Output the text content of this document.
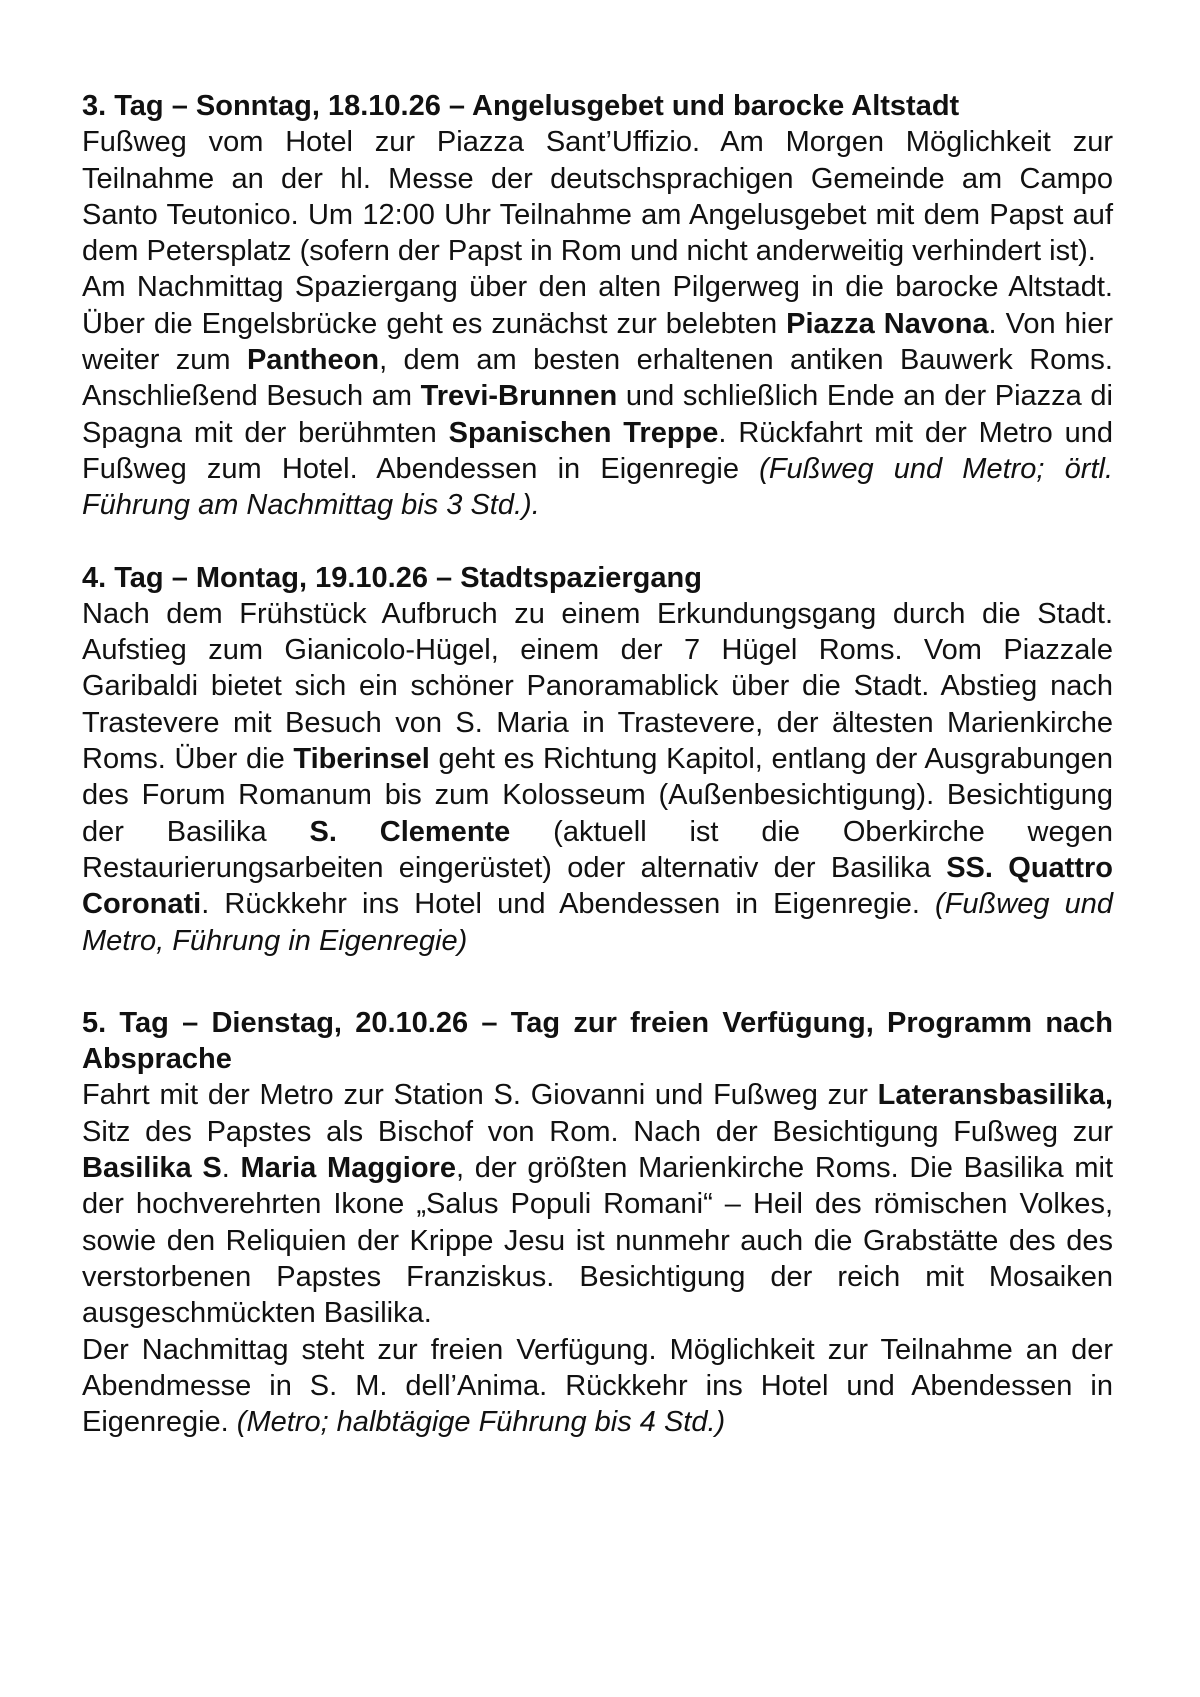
3. Tag – Sonntag, 18.10.26 – Angelusgebet und barocke Altstadt

Fußweg vom Hotel zur Piazza Sant’Uffizio. Am Morgen Möglichkeit zur Teilnahme an der hl. Messe der deutschsprachigen Gemeinde am Campo Santo Teutonico. Um 12:00 Uhr Teilnahme am Angelusgebet mit dem Papst auf dem Petersplatz (sofern der Papst in Rom und nicht anderweitig verhindert ist).

Am Nachmittag Spaziergang über den alten Pilgerweg in die barocke Altstadt. Über die Engelsbrücke geht es zunächst zur belebten Piazza Navona. Von hier weiter zum Pantheon, dem am besten erhaltenen antiken Bauwerk Roms. Anschließend Besuch am Trevi-Brunnen und schließlich Ende an der Piazza di Spagna mit der berühmten Spanischen Treppe. Rückfahrt mit der Metro und Fußweg zum Hotel. Abendessen in Eigenregie (Fußweg und Metro; örtl. Führung am Nachmittag bis 3 Std.).

4. Tag – Montag, 19.10.26 – Stadtspaziergang

Nach dem Frühstück Aufbruch zu einem Erkundungsgang durch die Stadt. Aufstieg zum Gianicolo-Hügel, einem der 7 Hügel Roms. Vom Piazzale Garibaldi bietet sich ein schöner Panoramablick über die Stadt. Abstieg nach Trastevere mit Besuch von S. Maria in Trastevere, der ältesten Marienkirche Roms. Über die Tiberinsel geht es Richtung Kapitol, entlang der Ausgrabungen des Forum Romanum bis zum Kolosseum (Außenbesichtigung). Besichtigung der Basilika S. Clemente (aktuell ist die Oberkirche wegen Restaurierungsarbeiten eingerüstet) oder alternativ der Basilika SS. Quattro Coronati. Rückkehr ins Hotel und Abendessen in Eigenregie. (Fußweg und Metro, Führung in Eigenregie)

5. Tag – Dienstag, 20.10.26 – Tag zur freien Verfügung, Programm nach Absprache

Fahrt mit der Metro zur Station S. Giovanni und Fußweg zur Lateransbasilika, Sitz des Papstes als Bischof von Rom. Nach der Besichtigung Fußweg zur Basilika S. Maria Maggiore, der größten Marienkirche Roms. Die Basilika mit der hochverehrten Ikone „Salus Populi Romani“ – Heil des römischen Volkes, sowie den Reliquien der Krippe Jesu ist nunmehr auch die Grabstätte des des verstorbenen Papstes Franziskus. Besichtigung der reich mit Mosaiken ausgeschmückten Basilika.

Der Nachmittag steht zur freien Verfügung. Möglichkeit zur Teilnahme an der Abendmesse in S. M. dell’Anima. Rückkehr ins Hotel und Abendessen in Eigenregie. (Metro; halbtägige Führung bis 4 Std.)
